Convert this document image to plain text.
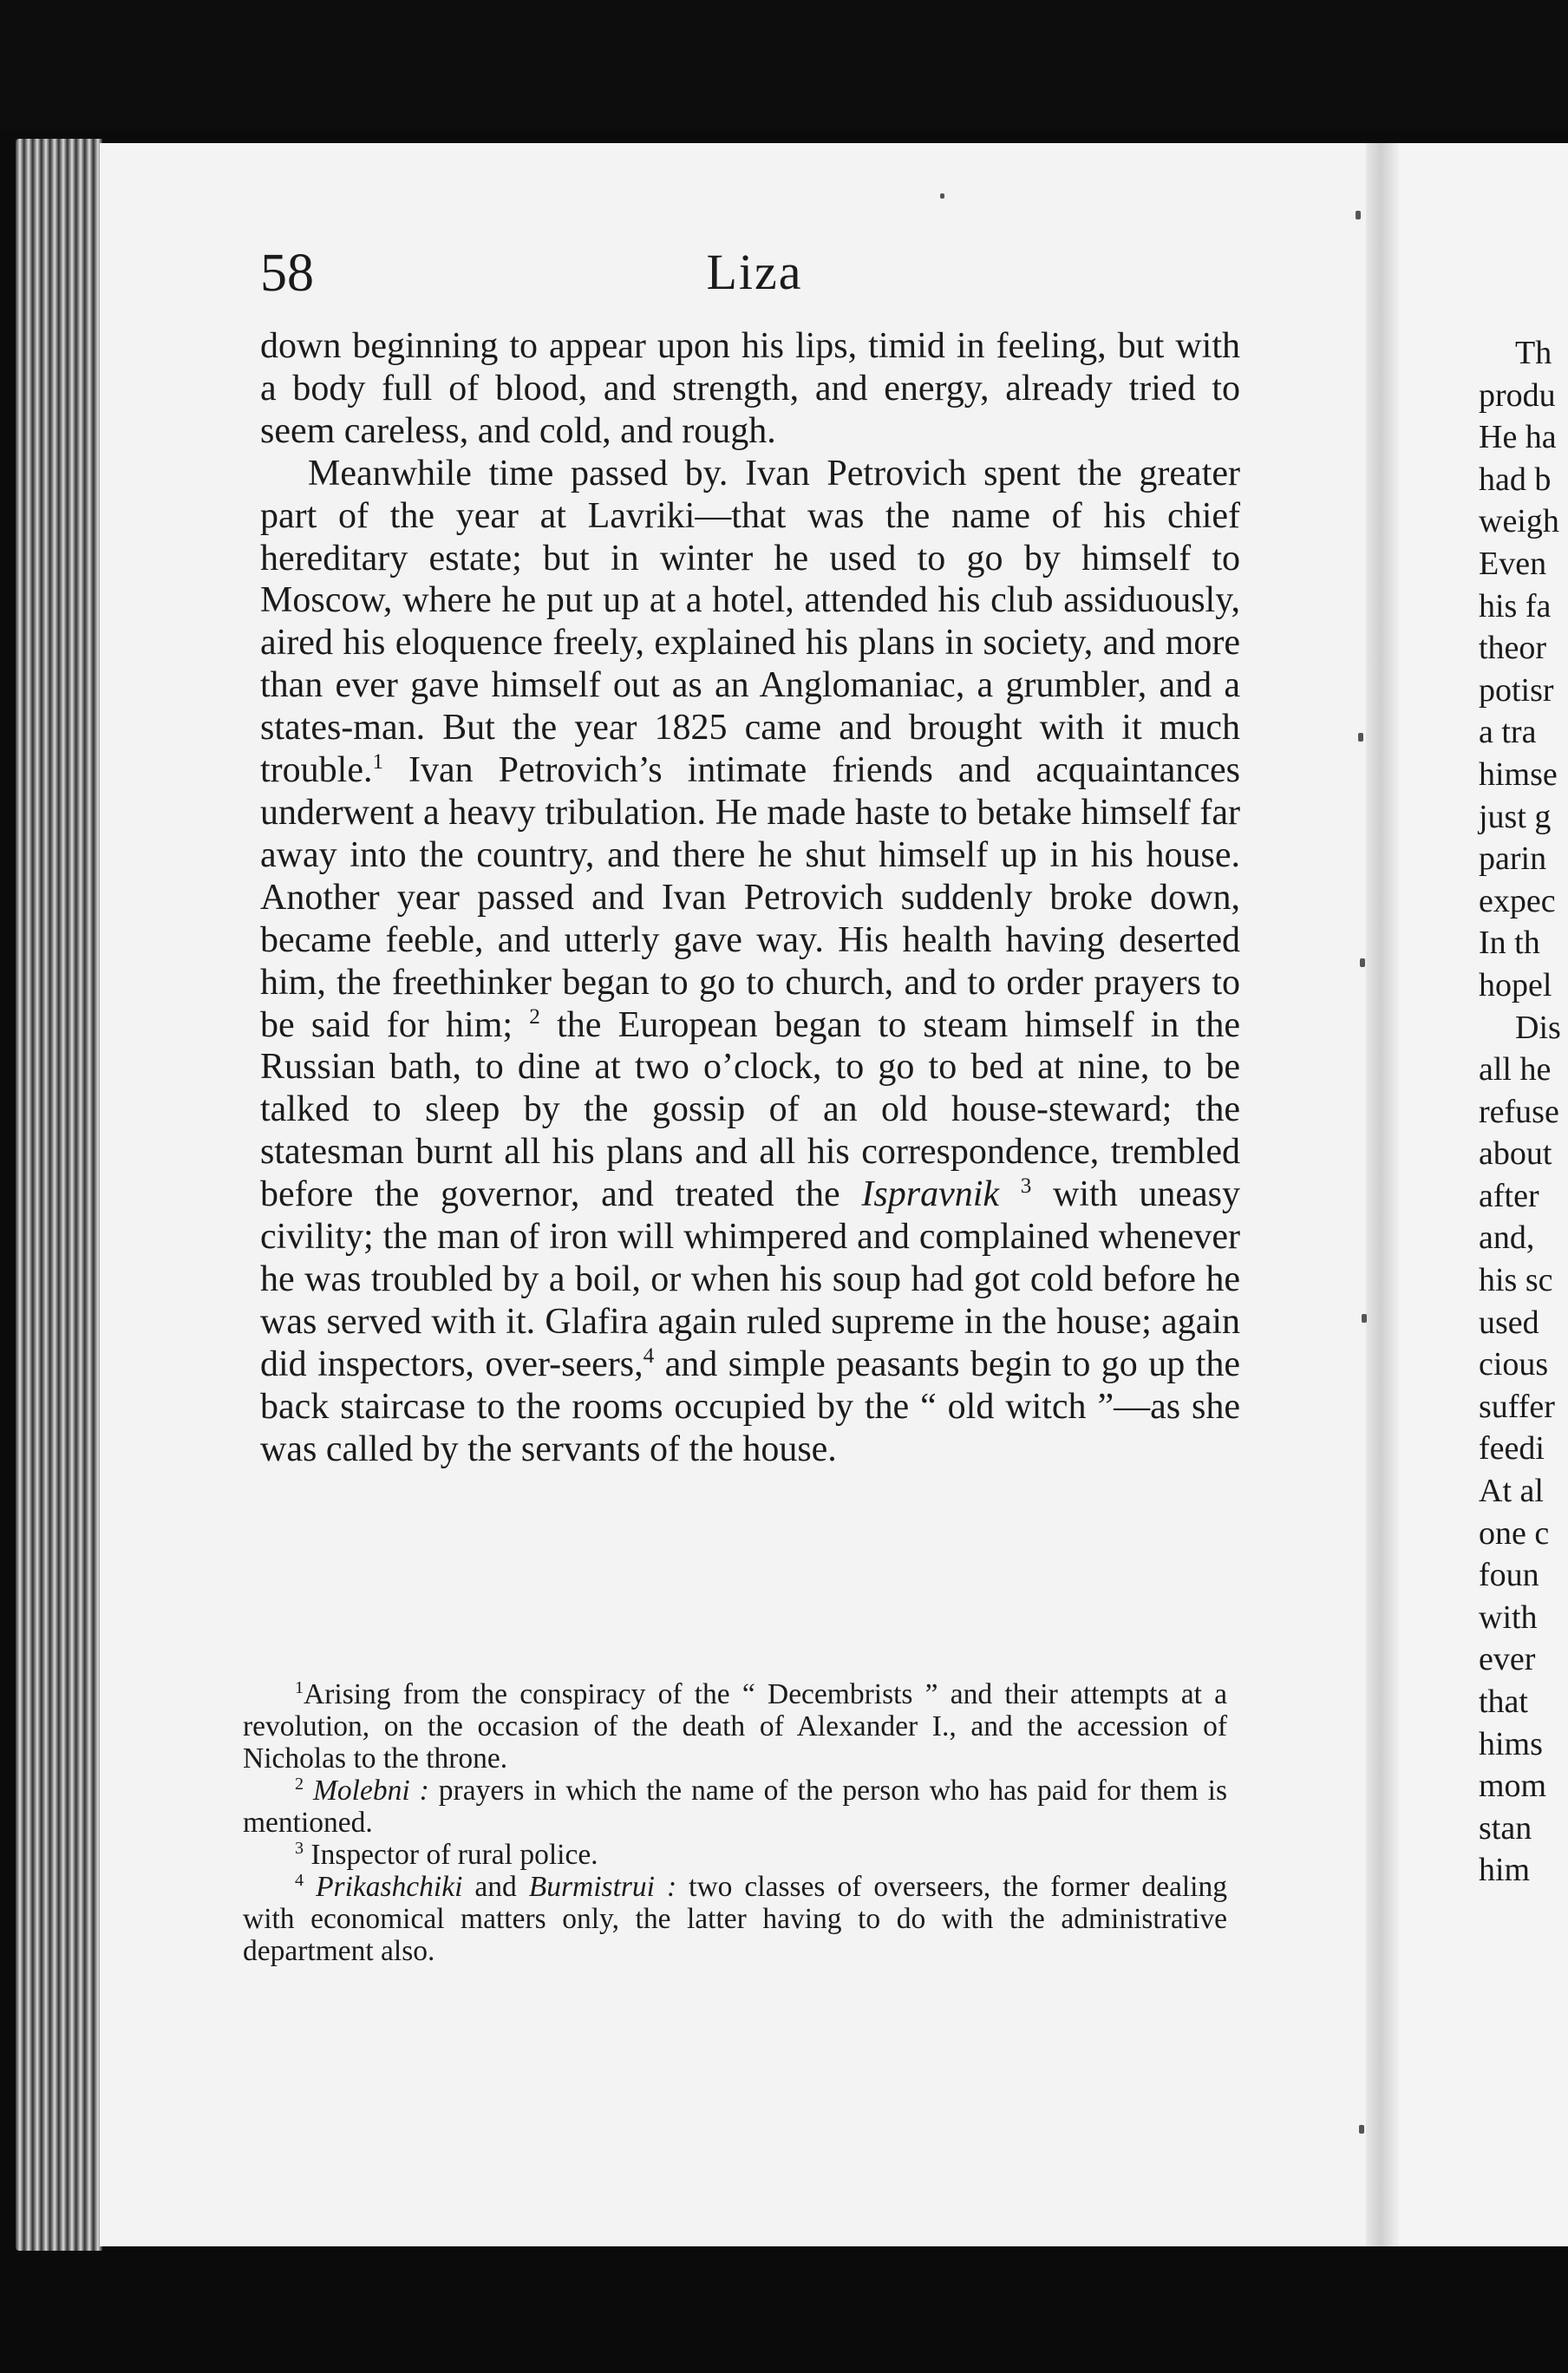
58	Liza

down beginning to appear upon his lips, timid in feeling, but with a body full of blood, and strength, and energy, already tried to seem careless, and cold, and rough.

Meanwhile time passed by. Ivan Petrovich spent the greater part of the year at Lavriki—that was the name of his chief hereditary estate; but in winter he used to go by himself to Moscow, where he put up at a hotel, attended his club assiduously, aired his eloquence freely, explained his plans in society, and more than ever gave himself out as an Anglomaniac, a grumbler, and a states-man. But the year 1825 came and brought with it much trouble.$^1$ Ivan Petrovich’s intimate friends and acquaintances underwent a heavy tribulation. He made haste to betake himself far away into the country, and there he shut himself up in his house. Another year passed and Ivan Petrovich suddenly broke down, became feeble, and utterly gave way. His health having deserted him, the freethinker began to go to church, and to order prayers to be said for him; $^2$ the European began to steam himself in the Russian bath, to dine at two o’clock, to go to bed at nine, to be talked to sleep by the gossip of an old house-steward; the statesman burnt all his plans and all his correspondence, trembled before the governor, and treated the Ispravnik $^3$ with uneasy civility; the man of iron will whimpered and complained whenever he was troubled by a boil, or when his soup had got cold before he was served with it. Glafira again ruled supreme in the house; again did inspectors, over-seers,$^4$ and simple peasants begin to go up the back staircase to the rooms occupied by the “ old witch ”—as she was called by the servants of the house.

$^1$Arising from the conspiracy of the “ Decembrists ” and their attempts at a revolution, on the occasion of the death of Alexander I., and the accession of Nicholas to the throne.

$^2$ Molebni : prayers in which the name of the person who has paid for them is mentioned.

$^3$ Inspector of rural police.

$^4$ Prikashchiki and Burmistrui : two classes of overseers, the former dealing with economical matters only, the latter having to do with the administrative department also.

Th
produ
He ha
had b
weigh
Even
his fa
theor
potisr
a tra
himse
just g
parin
expec
In th
hopel
Dis
all he
refuse
about
after
and,
his sc
used
cious
suffer
feedi
At al
one c
foun
with
ever
that
hims
mom
stan
him
